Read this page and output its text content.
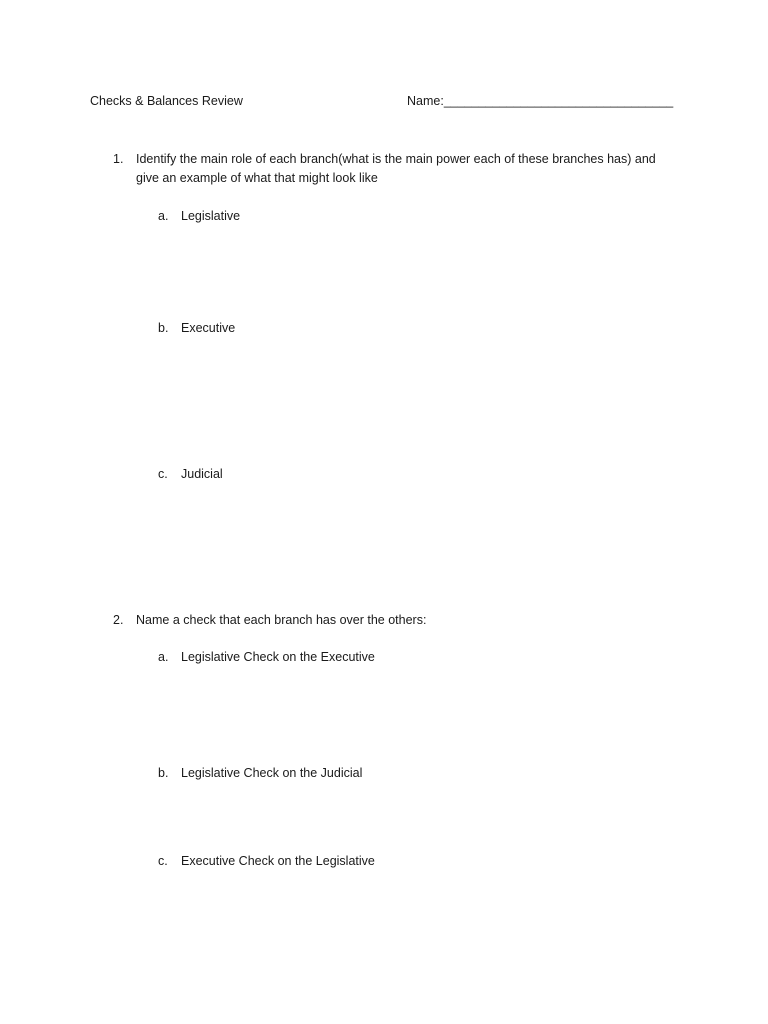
Checks & Balances Review	Name:_________________________________
1. Identify the main role of each branch(what is the main power each of these branches has) and give an example of what that might look like
a. Legislative
b. Executive
c. Judicial
2. Name a check that each branch has over the others:
a. Legislative Check on the Executive
b. Legislative Check on the Judicial
c. Executive Check on the Legislative
